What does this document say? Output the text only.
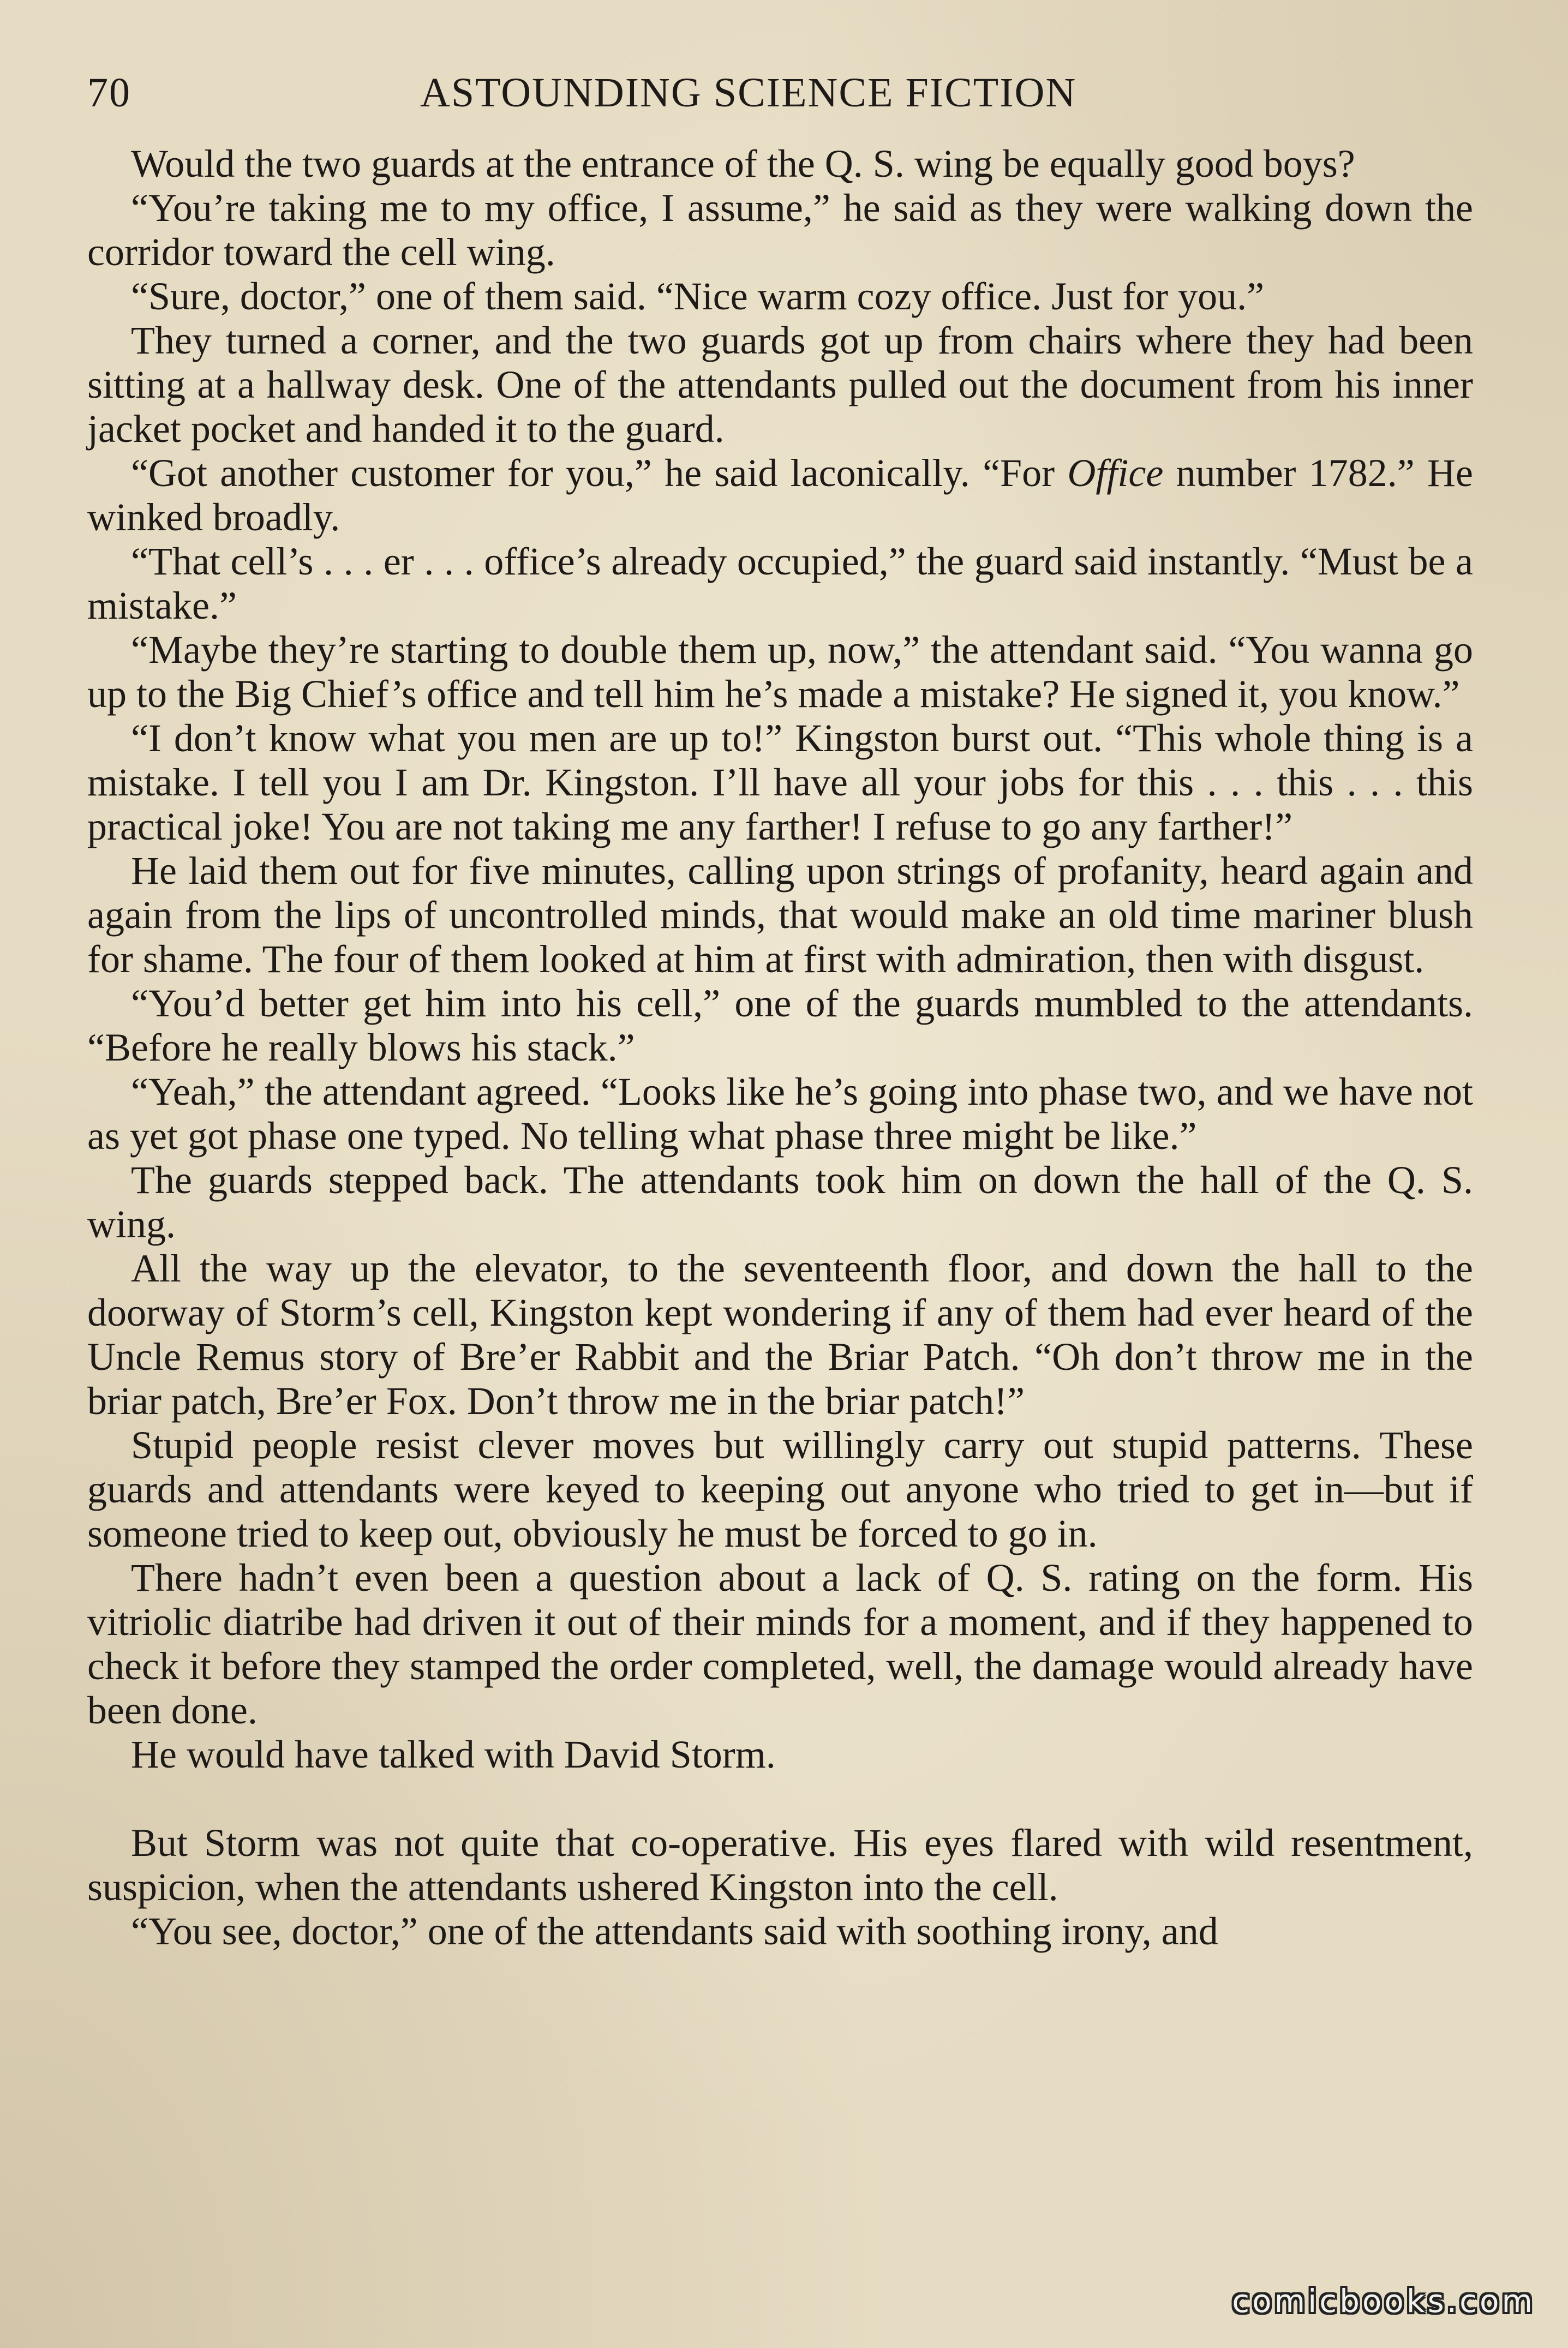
70	ASTOUNDING SCIENCE FICTION

Would the two guards at the entrance of the Q. S. wing be equally good boys?

“You’re taking me to my office, I assume,” he said as they were walking down the corridor toward the cell wing.

“Sure, doctor,” one of them said. “Nice warm cozy office. Just for you.”

They turned a corner, and the two guards got up from chairs where they had been sitting at a hallway desk. One of the attendants pulled out the document from his inner jacket pocket and handed it to the guard.

“Got another customer for you,” he said laconically. “For Office number 1782.” He winked broadly.

“That cell’s . . . er . . . office’s already occupied,” the guard said instantly. “Must be a mistake.”

“Maybe they’re starting to double them up, now,” the attendant said. “You wanna go up to the Big Chief’s office and tell him he’s made a mistake? He signed it, you know.”

“I don’t know what you men are up to!” Kingston burst out. “This whole thing is a mistake. I tell you I am Dr. Kingston. I’ll have all your jobs for this . . . this . . . this practical joke! You are not taking me any farther! I refuse to go any farther!”

He laid them out for five minutes, calling upon strings of profanity, heard again and again from the lips of uncontrolled minds, that would make an old time mariner blush for shame. The four of them looked at him at first with admiration, then with disgust.

“You’d better get him into his cell,” one of the guards mumbled to the attendants. “Before he really blows his stack.”

“Yeah,” the attendant agreed. “Looks like he’s going into phase two, and we have not as yet got phase one typed. No telling what phase three might be like.”

The guards stepped back. The attendants took him on down the hall of the Q. S. wing.

All the way up the elevator, to the seventeenth floor, and down the hall to the doorway of Storm’s cell, Kingston kept wondering if any of them had ever heard of the Uncle Remus story of Bre’er Rabbit and the Briar Patch. “Oh don’t throw me in the briar patch, Bre’er Fox. Don’t throw me in the briar patch!”

Stupid people resist clever moves but willingly carry out stupid patterns. These guards and attendants were keyed to keeping out anyone who tried to get in—but if someone tried to keep out, obviously he must be forced to go in.

There hadn’t even been a question about a lack of Q. S. rating on the form. His vitriolic diatribe had driven it out of their minds for a moment, and if they happened to check it before they stamped the order completed, well, the damage would already have been done.

He would have talked with David Storm.

But Storm was not quite that co-operative. His eyes flared with wild resentment, suspicion, when the attendants ushered Kingston into the cell.

“You see, doctor,” one of the attendants said with soothing irony, and

comicbooks.com
